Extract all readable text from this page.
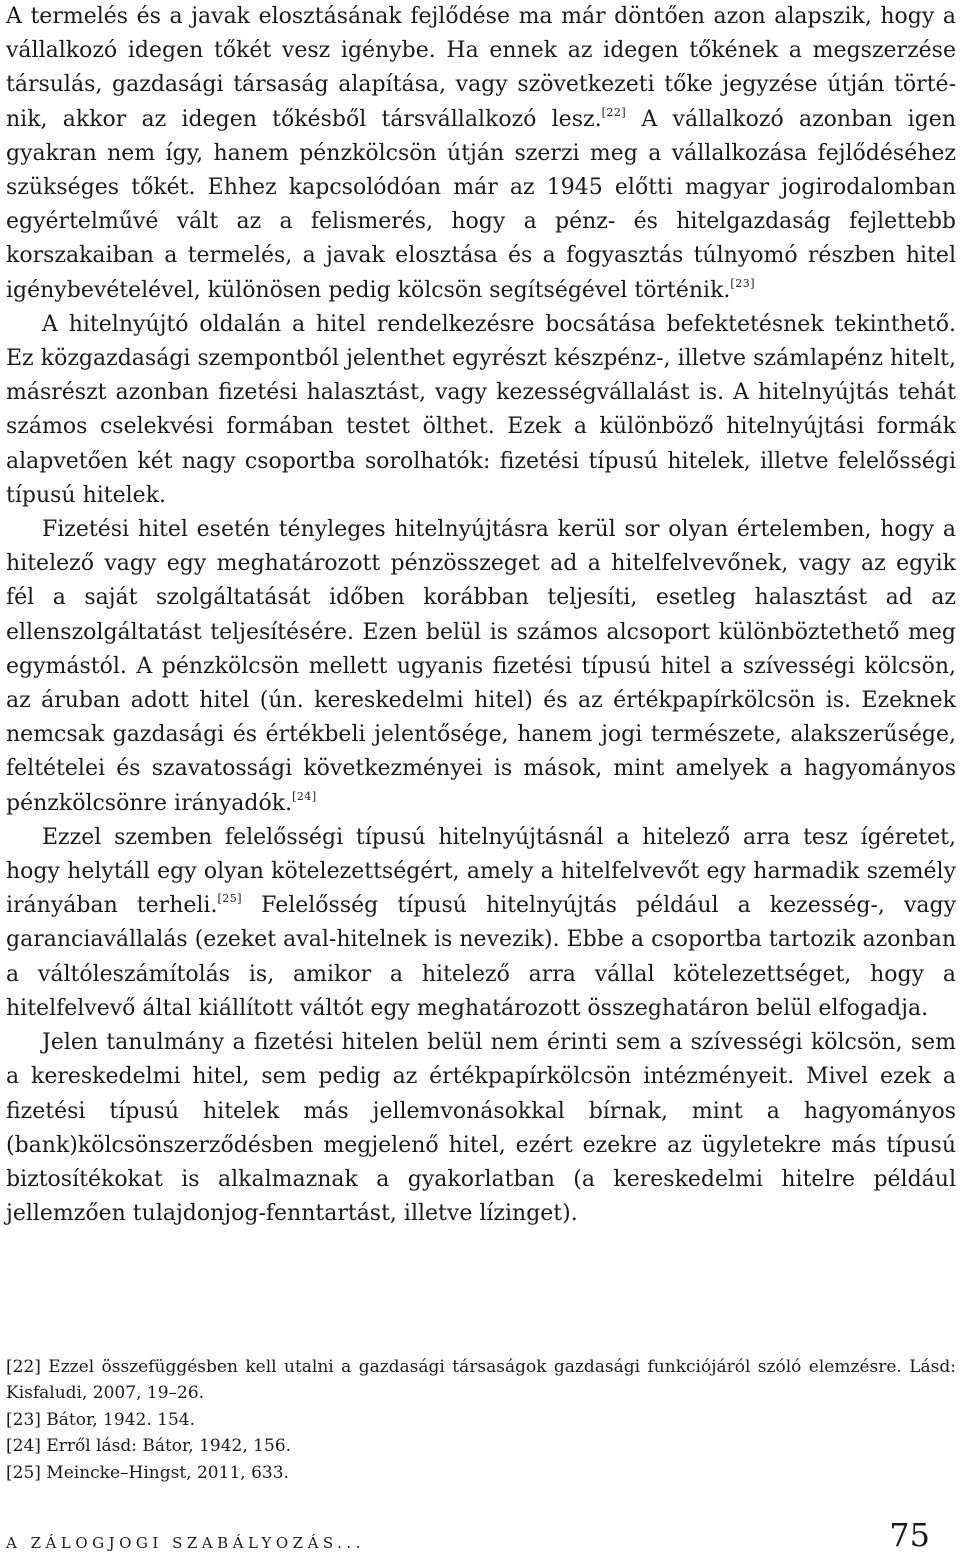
A termelés és a javak elosztásának fejlődése ma már döntően azon alapszik, hogy a vállalkozó idegen tőkét vesz igénybe. Ha ennek az idegen tőkének a megszerzése társulás, gazdasági társaság alapítása, vagy szövetkezeti tőke jegyzése útján történik, akkor az idegen tőkésből társvállalkozó lesz.[22] A vállalkozó azonban igen gyakran nem így, hanem pénzkölcsön útján szerzi meg a vállalkozása fejlődéséhez szükséges tőkét. Ehhez kapcsolódóan már az 1945 előtti magyar jogirodalomban egyértelművé vált az a felismerés, hogy a pénz- és hitelgazdaság fejlettebb korszakaiban a termelés, a javak elosztása és a fogyasztás túlnyomó részben hitel igénybevételével, különösen pedig kölcsön segítségével történik.[23]

A hitelnyújtó oldalán a hitel rendelkezésre bocsátása befektetésnek tekinthető. Ez közgazdasági szempontból jelenthet egyrészt készpénz-, illetve számlapénz hitelt, másrészt azonban fizetési halasztást, vagy kezességvállalást is. A hitelnyújtás tehát számos cselekvési formában testet ölthet. Ezek a különböző hitelnyújtási formák alapvetően két nagy csoportba sorolhatók: fizetési típusú hitelek, illetve felelősségi típusú hitelek.

Fizetési hitel esetén tényleges hitelnyújtásra kerül sor olyan értelemben, hogy a hitelező vagy egy meghatározott pénzösszeget ad a hitelfelvevőnek, vagy az egyik fél a saját szolgáltatását időben korábban teljesíti, esetleg halasztást ad az ellenszolgáltatást teljesítésére. Ezen belül is számos alcsoport különböztethető meg egymástól. A pénzkölcsön mellett ugyanis fizetési típusú hitel a szívességi kölcsön, az áruban adott hitel (ún. kereskedelmi hitel) és az értékpapírkölcsön is. Ezeknek nemcsak gazdasági és értékbeli jelentősége, hanem jogi természete, alakszerűsége, feltételei és szavatossági következményei is mások, mint amelyek a hagyományos pénzkölcsönre irányadók.[24]

Ezzel szemben felelősségi típusú hitelnyújtásnál a hitelező arra tesz ígéretet, hogy helytáll egy olyan kötelezettségért, amely a hitelfelvevőt egy harmadik személy irányában terheli.[25] Felelősség típusú hitelnyújtás például a kezesség-, vagy garanciavállalás (ezeket aval-hitelnek is nevezik). Ebbe a csoportba tartozik azonban a váltóleszámítolás is, amikor a hitelező arra vállal kötelezettséget, hogy a hitelfelvevő által kiállított váltót egy meghatározott összeghatáron belül elfogadja.

Jelen tanulmány a fizetési hitelen belül nem érinti sem a szívességi kölcsön, sem a kereskedelmi hitel, sem pedig az értékpapírkölcsön intézményeit. Mivel ezek a fizetési típusú hitelek más jellemvonásokkal bírnak, mint a hagyományos (bank)kölcsönszerződésben megjelenő hitel, ezért ezekre az ügyletekre más típusú biztosítékokat is alkalmaznak a gyakorlatban (a kereskedelmi hitelre például jellemzően tulajdonjog-fenntartást, illetve lízinget).

[22] Ezzel összefüggésben kell utalni a gazdasági társaságok gazdasági funkciójáról szóló elemzésre. Lásd: Kisfaludi, 2007, 19–26.

[23] Bátor, 1942. 154.

[24] Erről lásd: Bátor, 1942, 156.

[25] Meincke–Hingst, 2011, 633.

A ZÁLOGJOGI SZABÁLYOZÁS...	75
